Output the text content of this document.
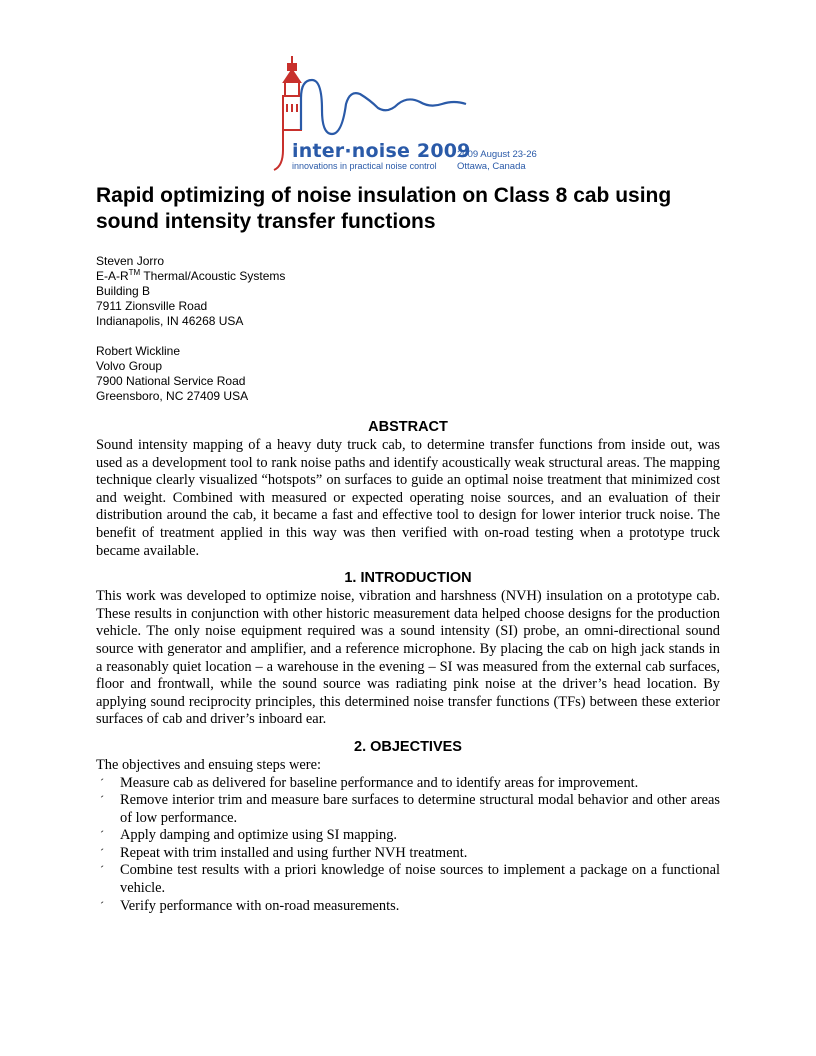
inter·noise 2009
innovations in practical noise control
2009 August 23-26
Ottawa, Canada
Rapid optimizing of noise insulation on Class 8 cab using sound intensity transfer functions
Steven Jorro
E-A-R™ Thermal/Acoustic Systems
Building B
7911 Zionsville Road
Indianapolis, IN 46268 USA
Robert Wickline
Volvo Group
7900 National Service Road
Greensboro, NC 27409 USA
ABSTRACT

Sound intensity mapping of a heavy duty truck cab, to determine transfer functions from inside out, was used as a development tool to rank noise paths and identify acoustically weak structural areas. The mapping technique clearly visualized “hotspots” on surfaces to guide an optimal noise treatment that minimized cost and weight. Combined with measured or expected operating noise sources, and an evaluation of their distribution around the cab, it became a fast and effective tool to design for lower interior truck noise. The benefit of treatment applied in this way was then verified with on-road testing when a prototype truck became available.

1. INTRODUCTION

This work was developed to optimize noise, vibration and harshness (NVH) insulation on a prototype cab. These results in conjunction with other historic measurement data helped choose designs for the production vehicle. The only noise equipment required was a sound intensity (SI) probe, an omni-directional sound source with generator and amplifier, and a reference microphone. By placing the cab on high jack stands in a reasonably quiet location – a warehouse in the evening – SI was measured from the external cab surfaces, floor and frontwall, while the sound source was radiating pink noise at the driver’s head location. By applying sound reciprocity principles, this determined noise transfer functions (TFs) between these exterior surfaces of cab and driver’s inboard ear.

2. OBJECTIVES

The objectives and ensuing steps were:

´ Measure cab as delivered for baseline performance and to identify areas for improvement.
´ Remove interior trim and measure bare surfaces to determine structural modal behavior and other areas of low performance.
´ Apply damping and optimize using SI mapping.
´ Repeat with trim installed and using further NVH treatment.
´ Combine test results with a priori knowledge of noise sources to implement a package on a functional vehicle.
´ Verify performance with on-road measurements.
